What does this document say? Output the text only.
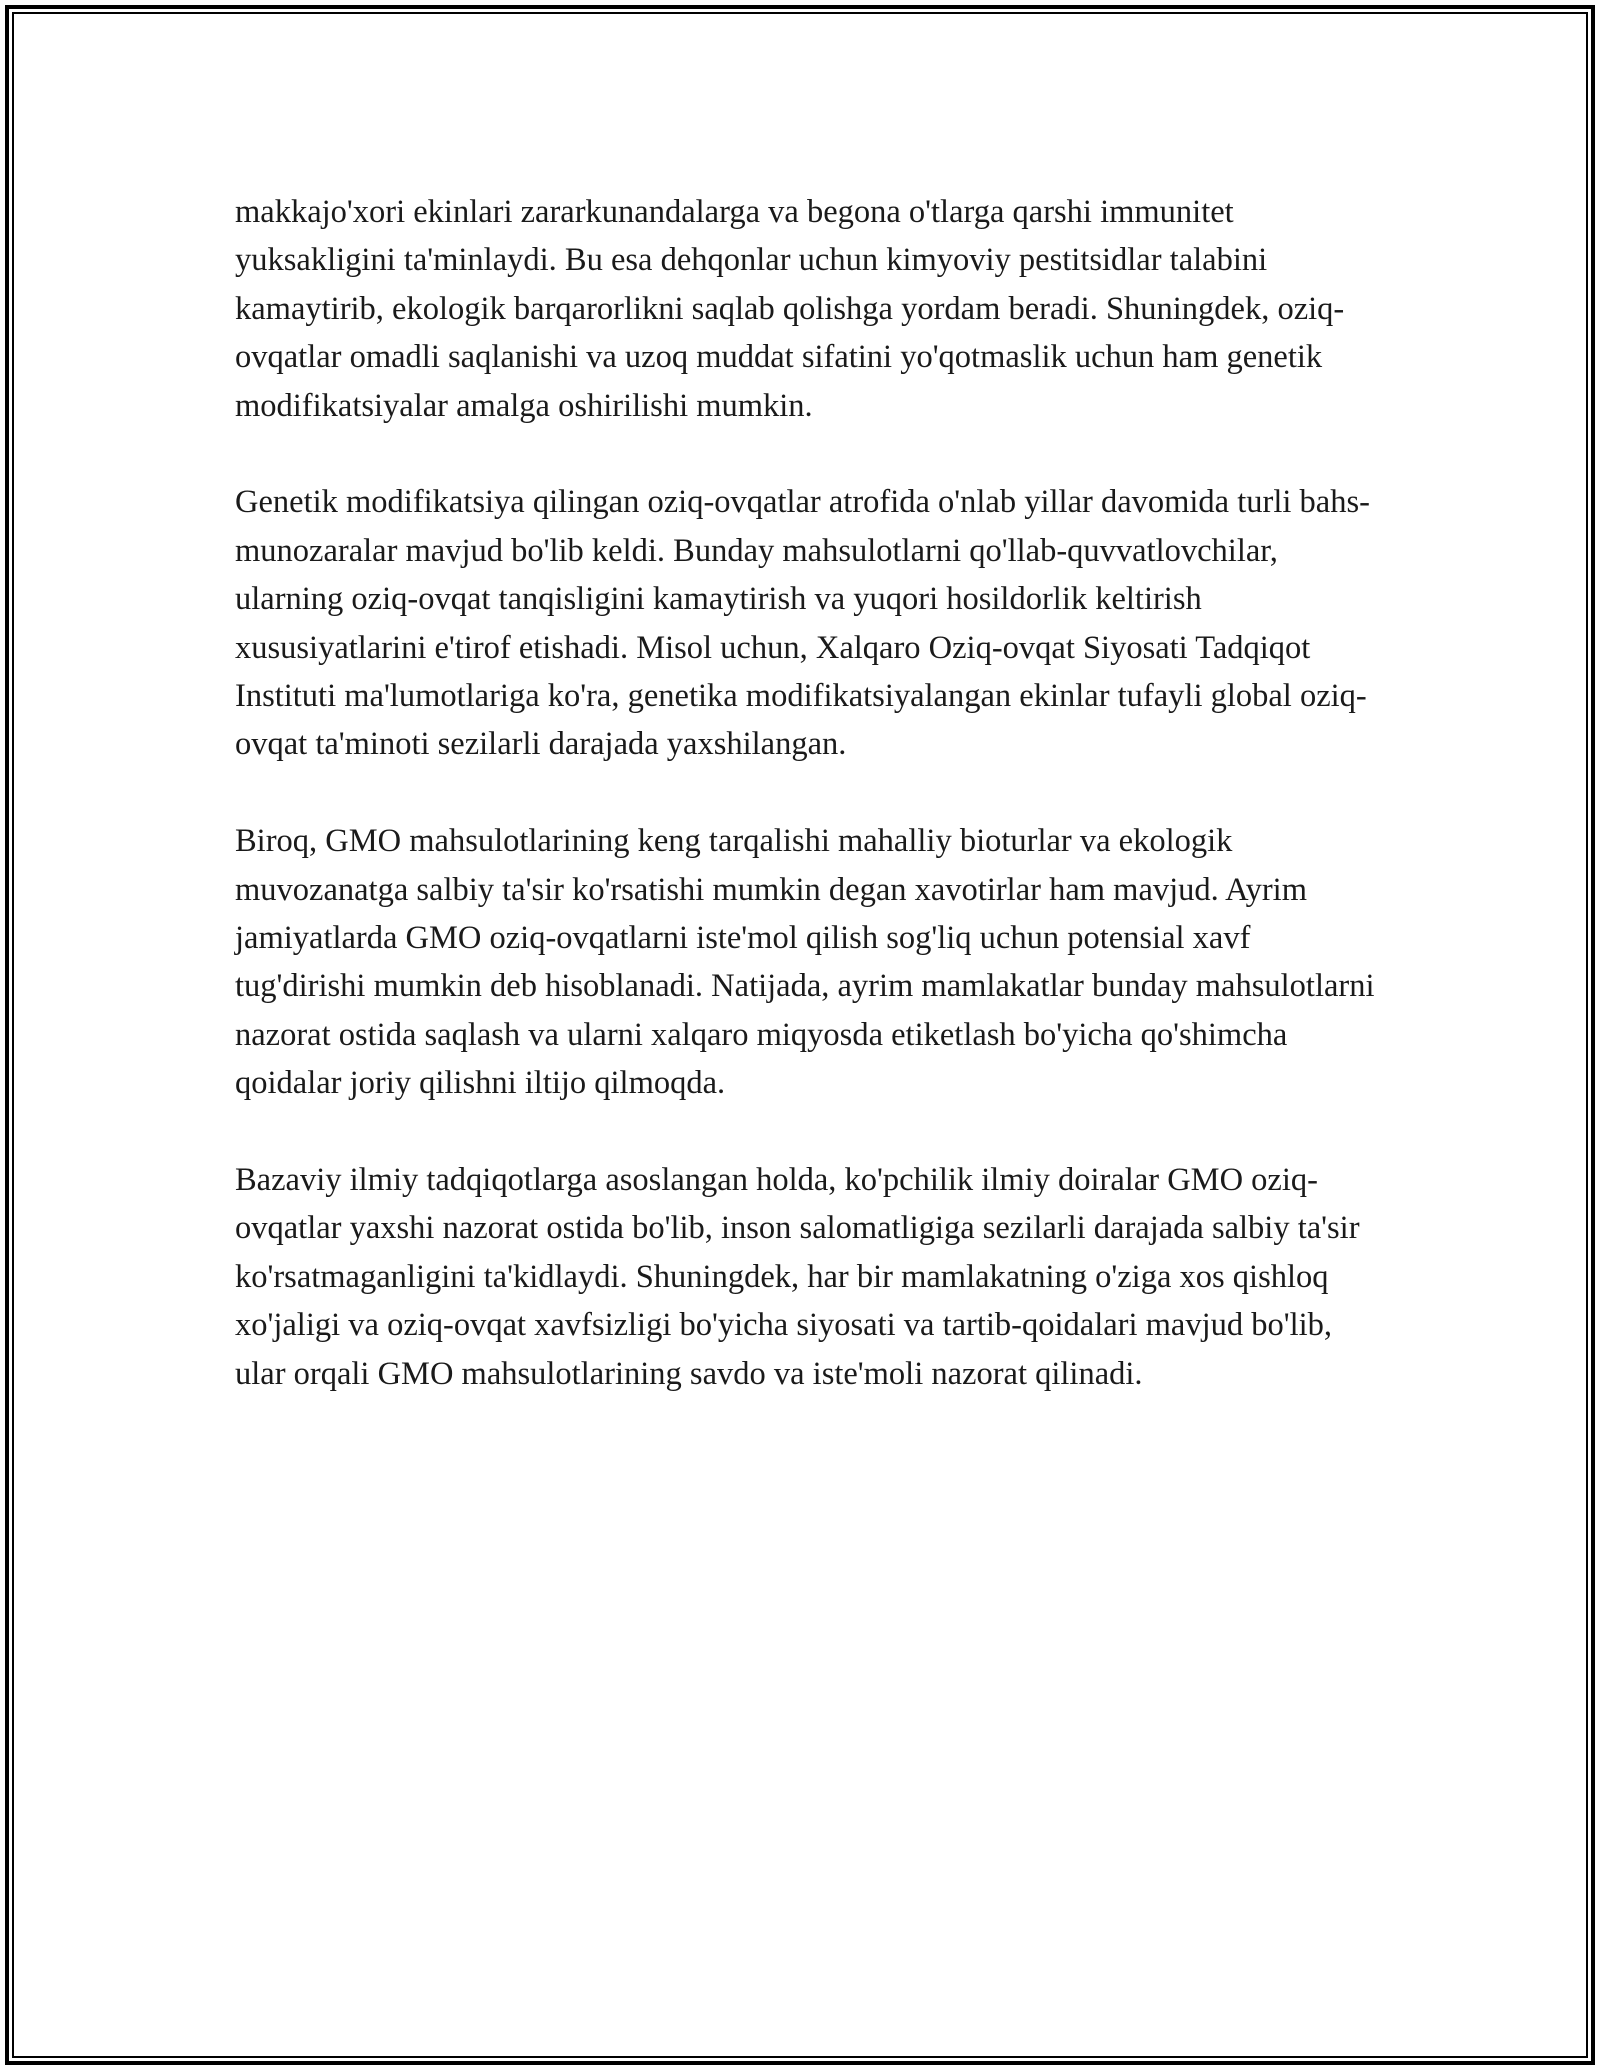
makkajo'xori ekinlari zararkunandalarga va begona o'tlarga qarshi immunitet yuksakligini ta'minlaydi. Bu esa dehqonlar uchun kimyoviy pestitsidlar talabini kamaytirib, ekologik barqarorlikni saqlab qolishga yordam beradi. Shuningdek, oziq-ovqatlar omadli saqlanishi va uzoq muddat sifatini yo'qotmaslik uchun ham genetik modifikatsiyalar amalga oshirilishi mumkin.

Genetik modifikatsiya qilingan oziq-ovqatlar atrofida o'nlab yillar davomida turli bahs-munozaralar mavjud bo'lib keldi. Bunday mahsulotlarni qo'llab-quvvatlovchilar, ularning oziq-ovqat tanqisligini kamaytirish va yuqori hosildorlik keltirish xususiyatlarini e'tirof etishadi. Misol uchun, Xalqaro Oziq-ovqat Siyosati Tadqiqot Instituti ma'lumotlariga ko'ra, genetika modifikatsiyalangan ekinlar tufayli global oziq-ovqat ta'minoti sezilarli darajada yaxshilangan.

Biroq, GMO mahsulotlarining keng tarqalishi mahalliy bioturlar va ekologik muvozanatga salbiy ta'sir ko'rsatishi mumkin degan xavotirlar ham mavjud. Ayrim jamiyatlarda GMO oziq-ovqatlarni iste'mol qilish sog'liq uchun potensial xavf tug'dirishi mumkin deb hisoblanadi. Natijada, ayrim mamlakatlar bunday mahsulotlarni nazorat ostida saqlash va ularni xalqaro miqyosda etiketlash bo'yicha qo'shimcha qoidalar joriy qilishni iltijo qilmoqda.

Bazaviy ilmiy tadqiqotlarga asoslangan holda, ko'pchilik ilmiy doiralar GMO oziq-ovqatlar yaxshi nazorat ostida bo'lib, inson salomatligiga sezilarli darajada salbiy ta'sir ko'rsatmaganligini ta'kidlaydi. Shuningdek, har bir mamlakatning o'ziga xos qishloq xo'jaligi va oziq-ovqat xavfsizligi bo'yicha siyosati va tartib-qoidalari mavjud bo'lib, ular orqali GMO mahsulotlarining savdo va iste'moli nazorat qilinadi.
